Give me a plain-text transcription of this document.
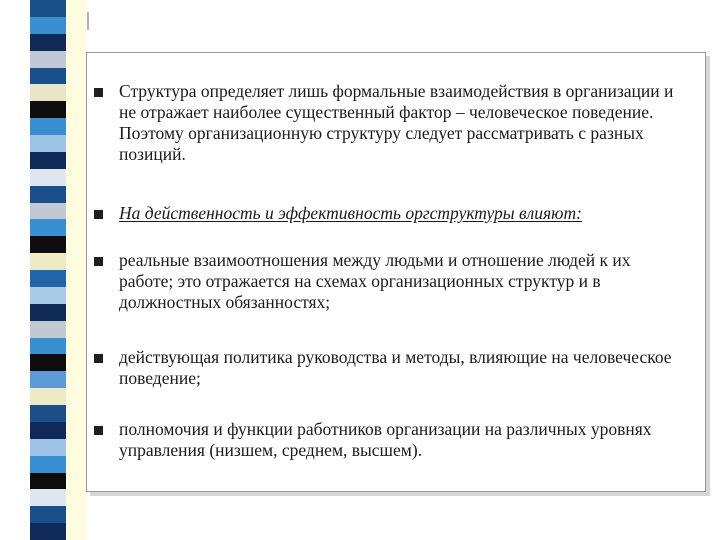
Структура определяет лишь формальные взаимодействия в организации и не отражает наиболее существенный фактор – человеческое поведение. Поэтому организационную структуру следует рассматривать с разных позиций.
На действенность и эффективность оргструктуры влияют:
реальные взаимоотношения между людьми и отношение людей к их работе; это отражается на схемах организационных структур и в должностных обязанностях;
действующая политика руководства и методы, влияющие на человеческое поведение;
полномочия и функции работников организации на различных уровнях управления (низшем, среднем, высшем).
